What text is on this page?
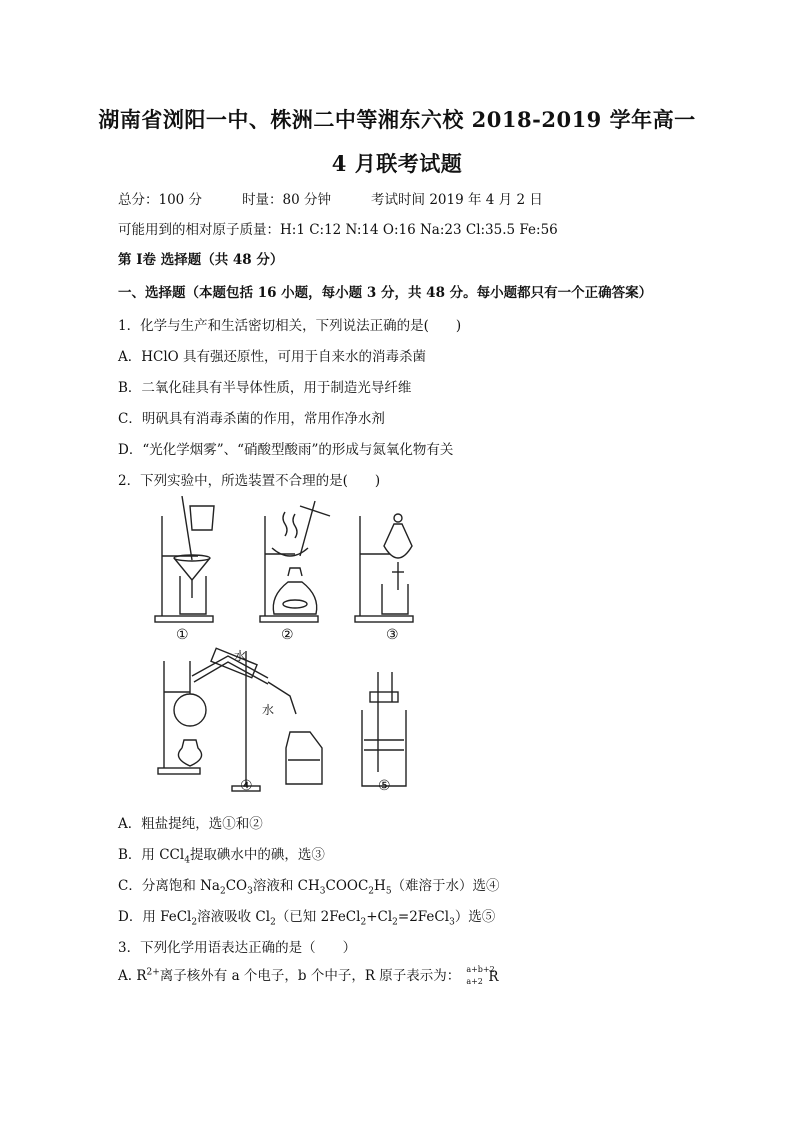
湖南省浏阳一中、株洲二中等湘东六校 2018-2019 学年高一
4 月联考试题
总分：100 分	时量：80 分钟	考试时间 2019 年 4 月 2 日
可能用到的相对原子质量：H:1 C:12 N:14 O:16 Na:23 Cl:35.5 Fe:56
第 Ⅰ卷 选择题（共 48 分）
一、选择题（本题包括 16 小题，每小题 3 分，共 48 分。每小题都只有一个正确答案）
1．化学与生产和生活密切相关，下列说法正确的是(　　)
A．HClO 具有强还原性，可用于自来水的消毒杀菌
B．二氧化硅具有半导体性质，用于制造光导纤维
C．明矾具有消毒杀菌的作用，常用作净水剂
D．“光化学烟雾”、“硝酸型酸雨”的形成与氮氧化物有关
2．下列实验中，所选装置不合理的是(　　)
①	②	③
④	⑤
水
水
A．粗盐提纯，选①和②
B．用 CCl$_4$提取碘水中的碘，选③
C．分离饱和 $Na_2CO_3$溶液和 $CH_3COOC_2H_5$（难溶于水）选④
D．用 FeCl$_2$溶液吸收 $Cl_2$（已知 $2FeCl_2+Cl_2=2FeCl_3$）选⑤
3．下列化学用语表达正确的是（　　）
A. $R^{2+}$离子核外有 a 个电子，b 个中子，R 原子表示为： a+b+2
a+2 R
